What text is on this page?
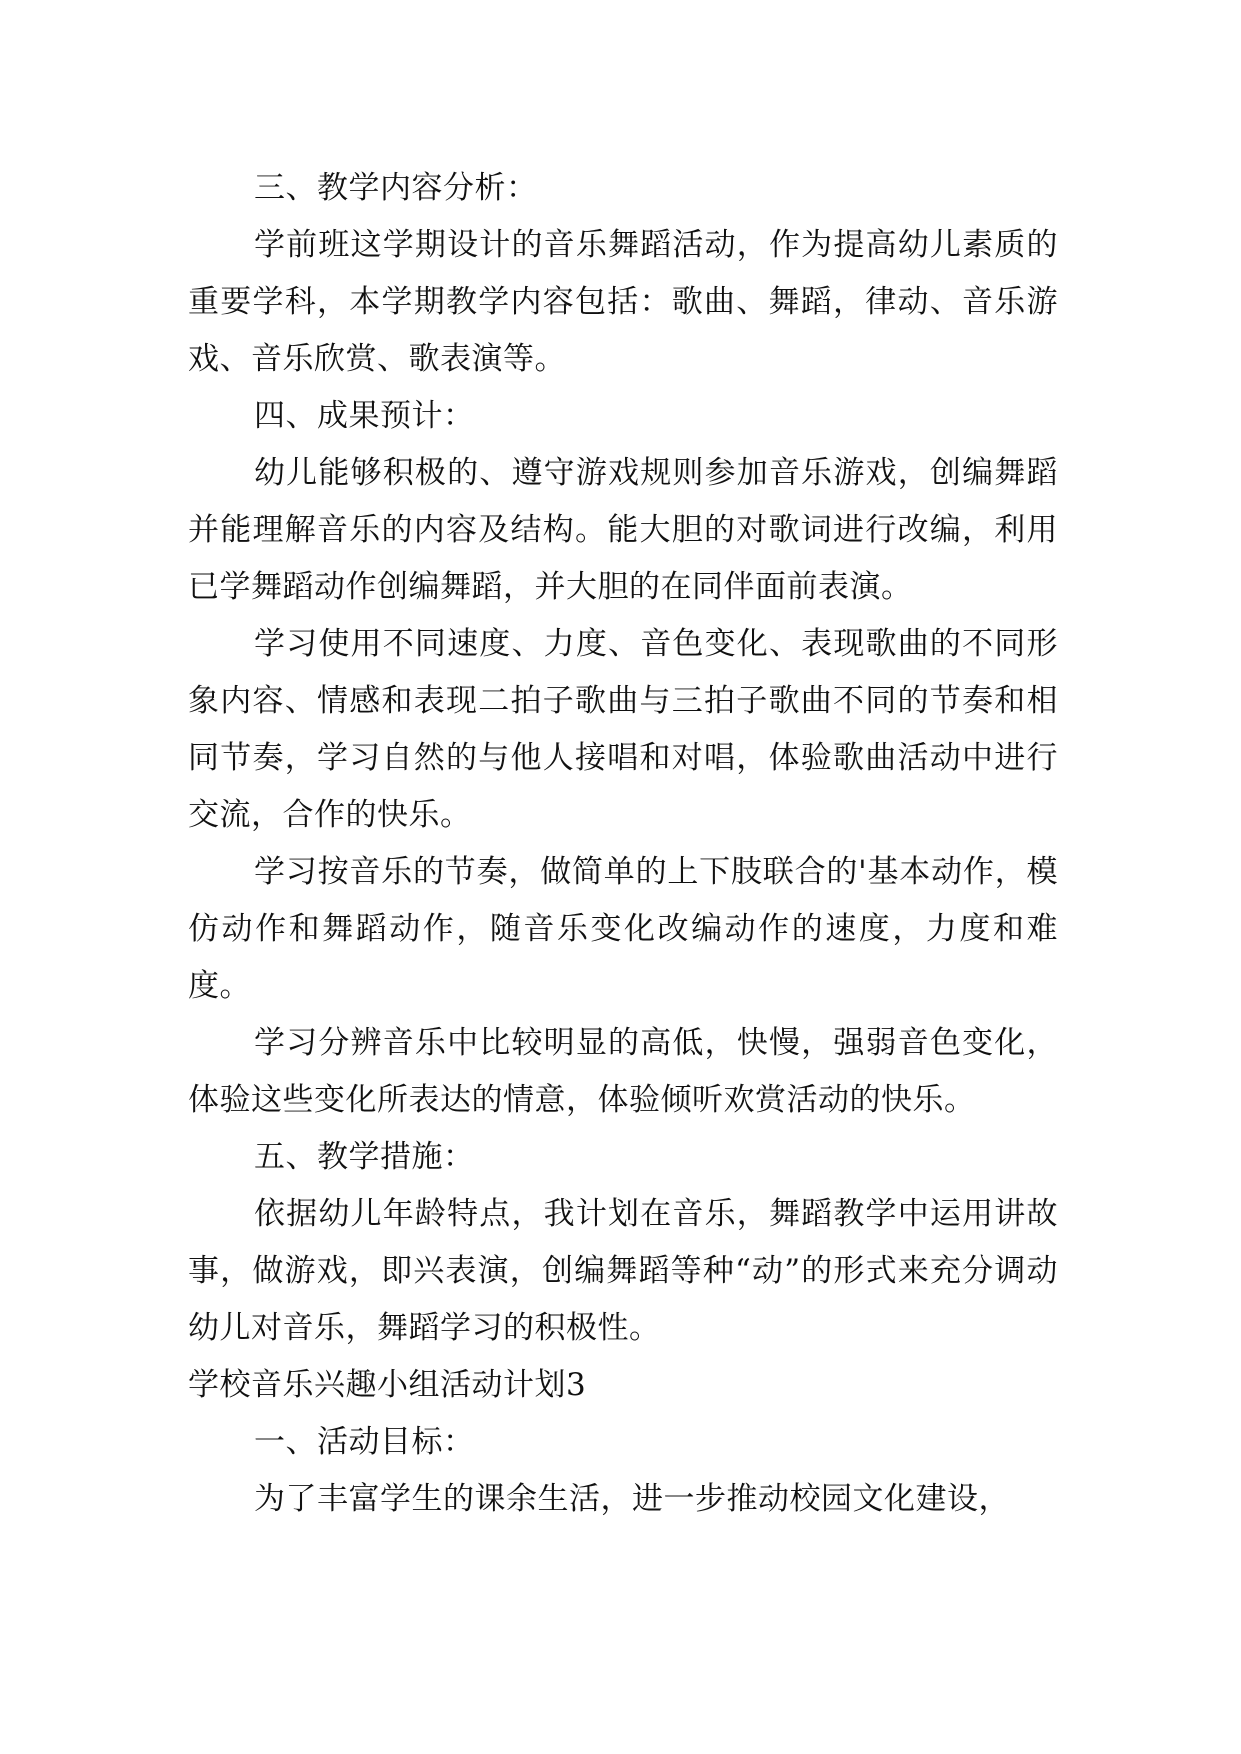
三、教学内容分析：

学前班这学期设计的音乐舞蹈活动，作为提高幼儿素质的重要学科，本学期教学内容包括：歌曲、舞蹈，律动、音乐游戏、音乐欣赏、歌表演等。

四、成果预计：

幼儿能够积极的、遵守游戏规则参加音乐游戏，创编舞蹈并能理解音乐的内容及结构。能大胆的对歌词进行改编，利用已学舞蹈动作创编舞蹈，并大胆的在同伴面前表演。

学习使用不同速度、力度、音色变化、表现歌曲的不同形象内容、情感和表现二拍子歌曲与三拍子歌曲不同的节奏和相同节奏，学习自然的与他人接唱和对唱，体验歌曲活动中进行交流，合作的快乐。

学习按音乐的节奏，做简单的上下肢联合的'基本动作，模仿动作和舞蹈动作，随音乐变化改编动作的速度，力度和难度。

学习分辨音乐中比较明显的高低，快慢，强弱音色变化，体验这些变化所表达的情意，体验倾听欢赏活动的快乐。

五、教学措施：

依据幼儿年龄特点，我计划在音乐，舞蹈教学中运用讲故事，做游戏，即兴表演，创编舞蹈等种“动”的形式来充分调动幼儿对音乐，舞蹈学习的积极性。

学校音乐兴趣小组活动计划3

一、活动目标：

为了丰富学生的课余生活，进一步推动校园文化建设，
